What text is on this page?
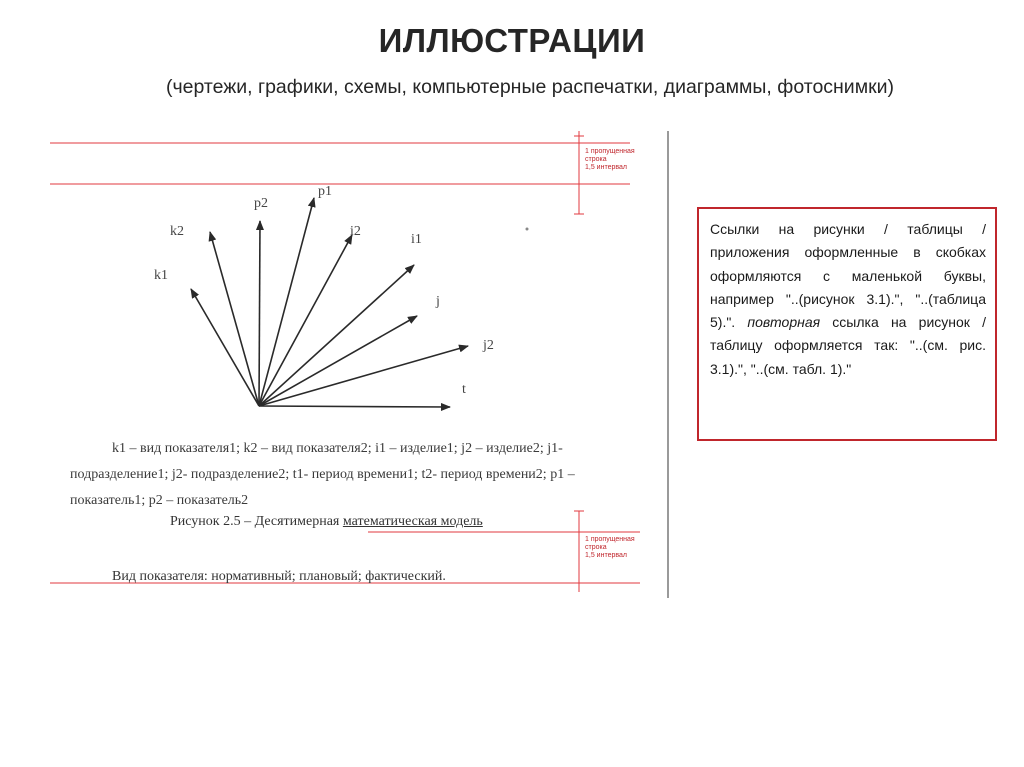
ИЛЛЮСТРАЦИИ
(чертежи, графики, схемы, компьютерные распечатки, диаграммы, фотоснимки)
k1
k2
p2
p1
i2
i1
j
j2
t
1 пропущенная
строка
1,5 интервал
k1 – вид показателя1; k2 – вид показателя2; i1 – изделие1; j2 – изделие2; j1-
подразделение1; j2- подразделение2; t1- период времени1; t2- период времени2; p1 –
показатель1; p2 – показатель2
Рисунок 2.5 – Десятимерная математическая модель
1 пропущенная
строка
1,5 интервал
Вид показателя: нормативный; плановый; фактический.
Ссылки на рисунки / таблицы / приложения оформленные в скобках оформляются с маленькой буквы, например "..(рисунок 3.1).", "..(таблица 5).". повторная ссылка на рисунок /таблицу оформляется так: "..(см. рис. 3.1).", "..(см. табл. 1)."
